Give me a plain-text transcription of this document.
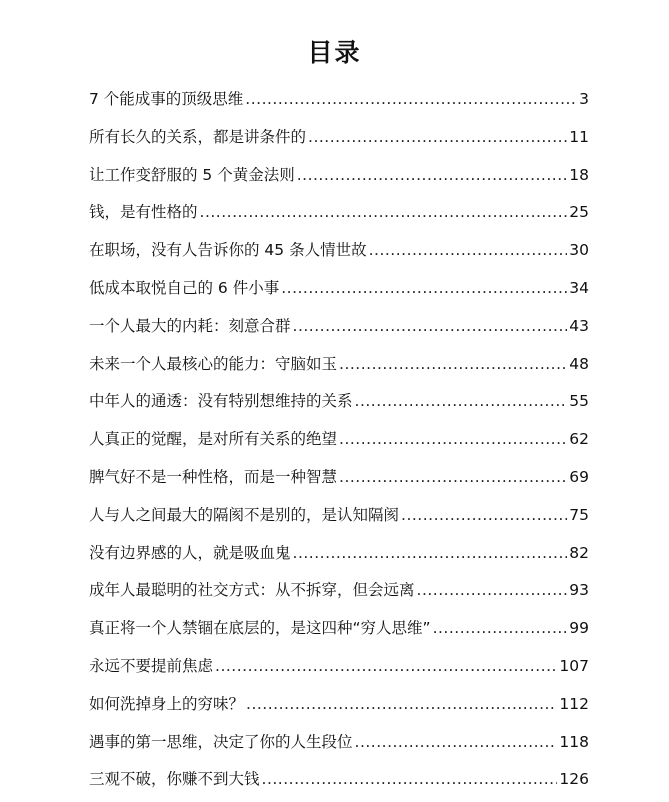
目录
7 个能成事的顶级思维 .....	3
所有长久的关系，都是讲条件的 .....	11
让工作变舒服的 5 个黄金法则 .....	18
钱，是有性格的 .....	25
在职场，没有人告诉你的 45 条人情世故 .....	30
低成本取悦自己的 6 件小事 .....	34
一个人最大的内耗：刻意合群 .....	43
未来一个人最核心的能力：守脑如玉 .....	48
中年人的通透：没有特别想维持的关系 .....	55
人真正的觉醒，是对所有关系的绝望 .....	62
脾气好不是一种性格，而是一种智慧 .....	69
人与人之间最大的隔阂不是别的，是认知隔阂 .....	75
没有边界感的人，就是吸血鬼 .....	82
成年人最聪明的社交方式：从不拆穿，但会远离 .....	93
真正将一个人禁锢在底层的，是这四种“穷人思维” .....	99
永远不要提前焦虑 .....	107
如何洗掉身上的穷味？ .....	112
遇事的第一思维，决定了你的人生段位 .....	118
三观不破，你赚不到大钱 .....	126
